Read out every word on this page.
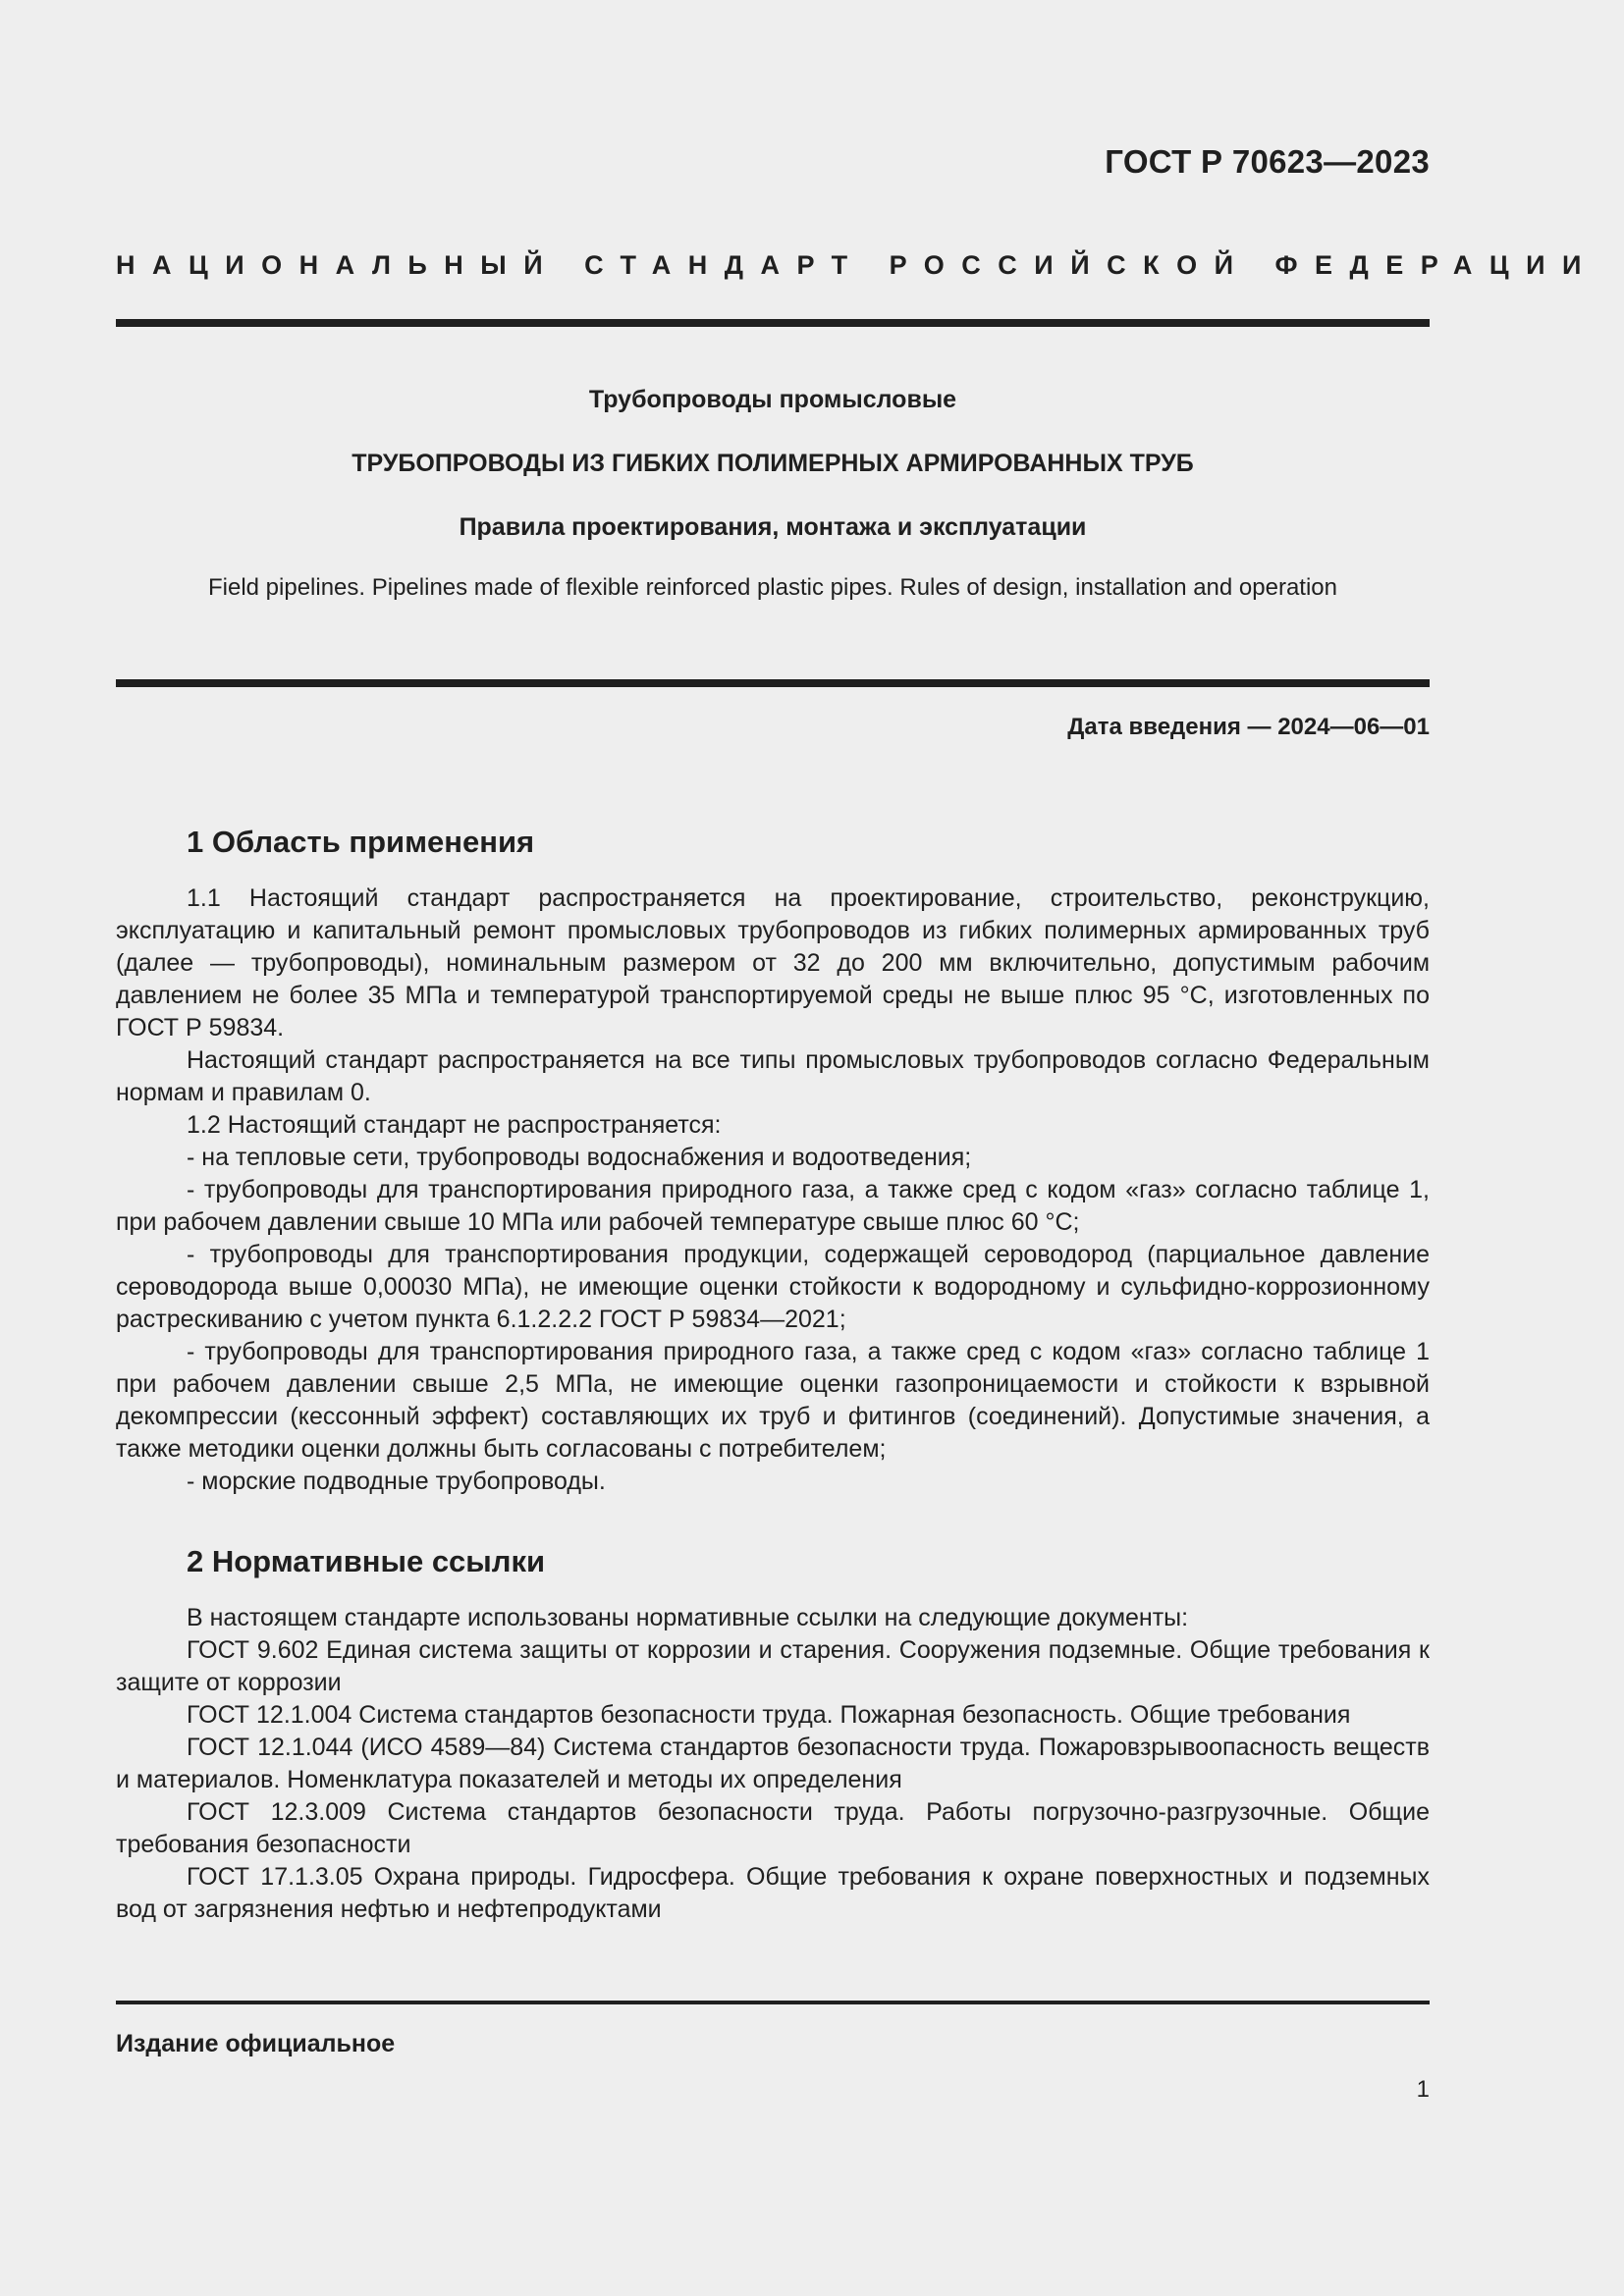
ГОСТ Р 70623—2023
НАЦИОНАЛЬНЫЙ СТАНДАРТ РОССИЙСКОЙ ФЕДЕРАЦИИ
Трубопроводы промысловые
ТРУБОПРОВОДЫ ИЗ ГИБКИХ ПОЛИМЕРНЫХ АРМИРОВАННЫХ ТРУБ
Правила проектирования, монтажа и эксплуатации
Field pipelines. Pipelines made of flexible reinforced plastic pipes. Rules of design, installation and operation
Дата введения — 2024—06—01
1 Область применения

1.1 Настоящий стандарт распространяется на проектирование, строительство, реконструкцию, эксплуатацию и капитальный ремонт промысловых трубопроводов из гибких полимерных армированных труб (далее — трубопроводы), номинальным размером от 32 до 200 мм включительно, допустимым рабочим давлением не более 35 МПа и температурой транспортируемой среды не выше плюс 95 °С, изготовленных по ГОСТ Р 59834.

Настоящий стандарт распространяется на все типы промысловых трубопроводов согласно Федеральным нормам и правилам 0.

1.2 Настоящий стандарт не распространяется:

- на тепловые сети, трубопроводы водоснабжения и водоотведения;

- трубопроводы для транспортирования природного газа, а также сред с кодом «газ» согласно таблице 1, при рабочем давлении свыше 10 МПа или рабочей температуре свыше плюс 60 °С;

- трубопроводы для транспортирования продукции, содержащей сероводород (парциальное давление сероводорода выше 0,00030 МПа), не имеющие оценки стойкости к водородному и сульфидно-коррозионному растрескиванию с учетом пункта 6.1.2.2.2 ГОСТ Р 59834—2021;

- трубопроводы для транспортирования природного газа, а также сред с кодом «газ» согласно таблице 1 при рабочем давлении свыше 2,5 МПа, не имеющие оценки газопроницаемости и стойкости к взрывной декомпрессии (кессонный эффект) составляющих их труб и фитингов (соединений). Допустимые значения, а также методики оценки должны быть согласованы с потребителем;

- морские подводные трубопроводы.

2 Нормативные ссылки

В настоящем стандарте использованы нормативные ссылки на следующие документы:

ГОСТ 9.602 Единая система защиты от коррозии и старения. Сооружения подземные. Общие требования к защите от коррозии

ГОСТ 12.1.004 Система стандартов безопасности труда. Пожарная безопасность. Общие требования

ГОСТ 12.1.044 (ИСО 4589—84) Система стандартов безопасности труда. Пожаровзрывоопасность веществ и материалов. Номенклатура показателей и методы их определения

ГОСТ 12.3.009 Система стандартов безопасности труда. Работы погрузочно-разгрузочные. Общие требования безопасности

ГОСТ 17.1.3.05 Охрана природы. Гидросфера. Общие требования к охране поверхностных и подземных вод от загрязнения нефтью и нефтепродуктами

Издание официальное
1
